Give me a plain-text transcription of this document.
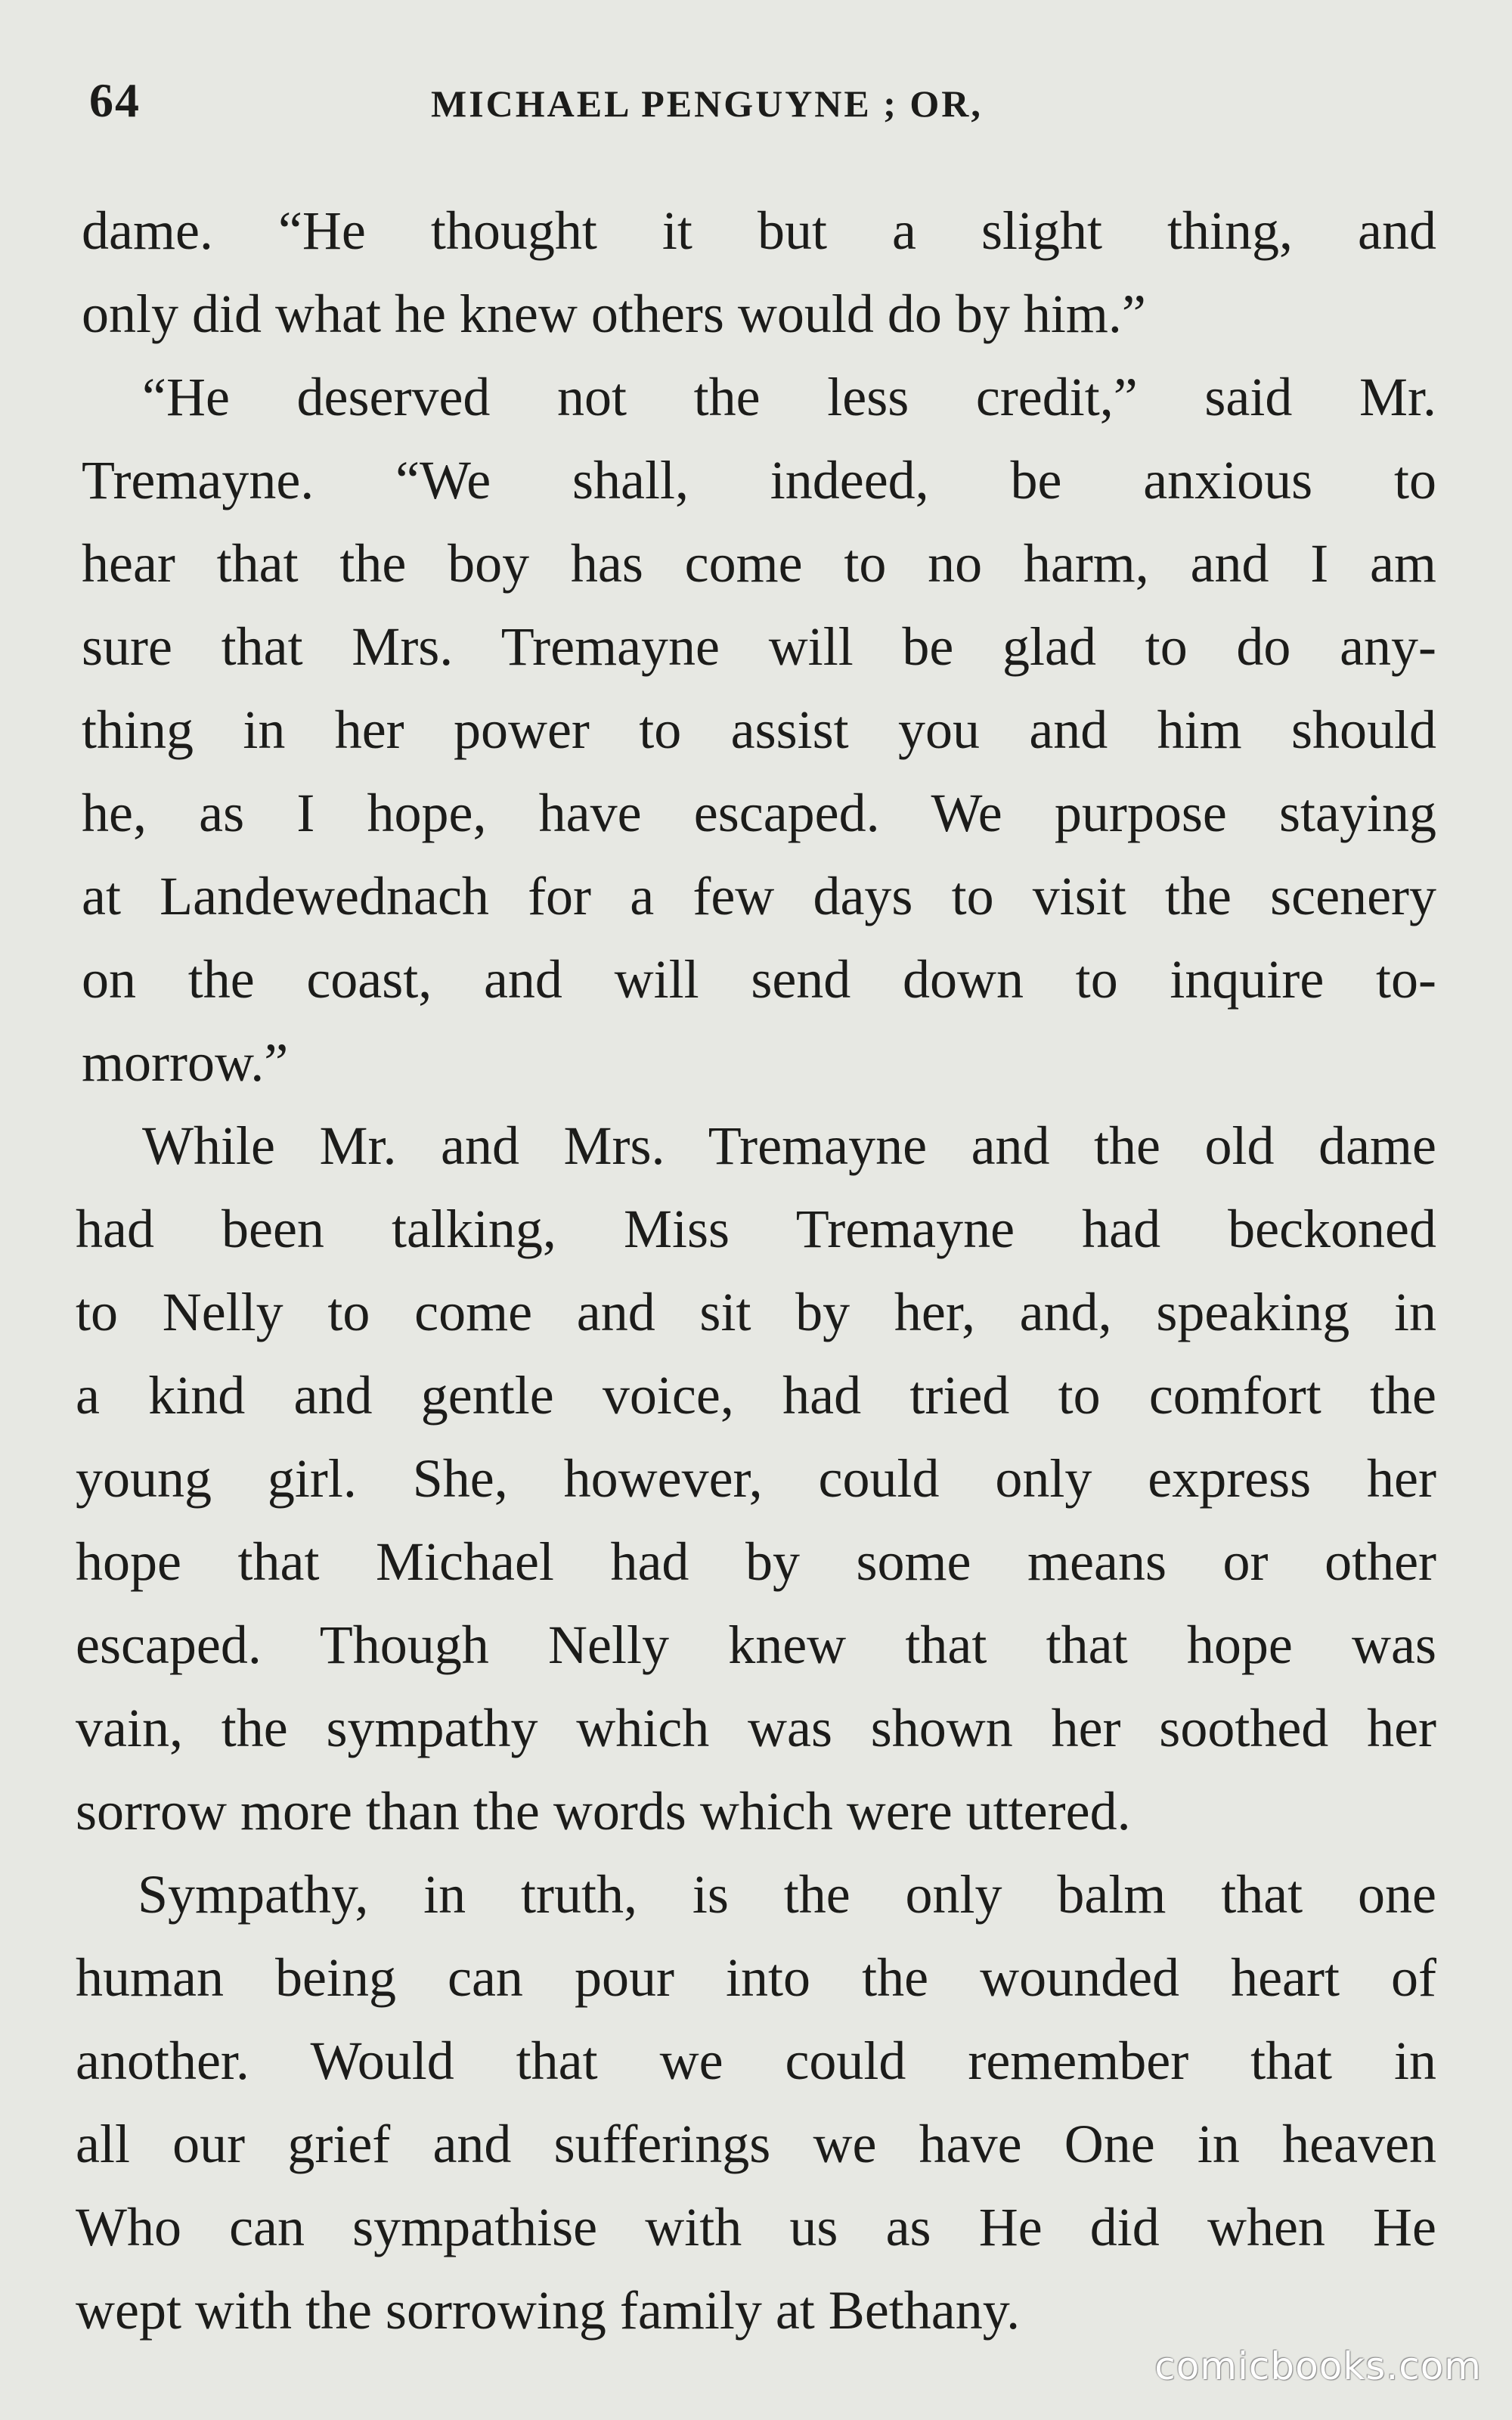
64	MICHAEL PENGUYNE ; OR,
dame. “He thought it but a slight thing, and
only did what he knew others would do by him.”
“He deserved not the less credit,” said Mr.
Tremayne. “We shall, indeed, be anxious to
hear that the boy has come to no harm, and I am
sure that Mrs. Tremayne will be glad to do any-
thing in her power to assist you and him should
he, as I hope, have escaped. We purpose staying
at Landewednach for a few days to visit the scenery
on the coast, and will send down to inquire to-
morrow.”
While Mr. and Mrs. Tremayne and the old dame
had been talking, Miss Tremayne had beckoned
to Nelly to come and sit by her, and, speaking in
a kind and gentle voice, had tried to comfort the
young girl. She, however, could only express her
hope that Michael had by some means or other
escaped. Though Nelly knew that that hope was
vain, the sympathy which was shown her soothed her
sorrow more than the words which were uttered.
Sympathy, in truth, is the only balm that one
human being can pour into the wounded heart of
another. Would that we could remember that in
all our grief and sufferings we have One in heaven
Who can sympathise with us as He did when He
wept with the sorrowing family at Bethany.
comicbooks.com
